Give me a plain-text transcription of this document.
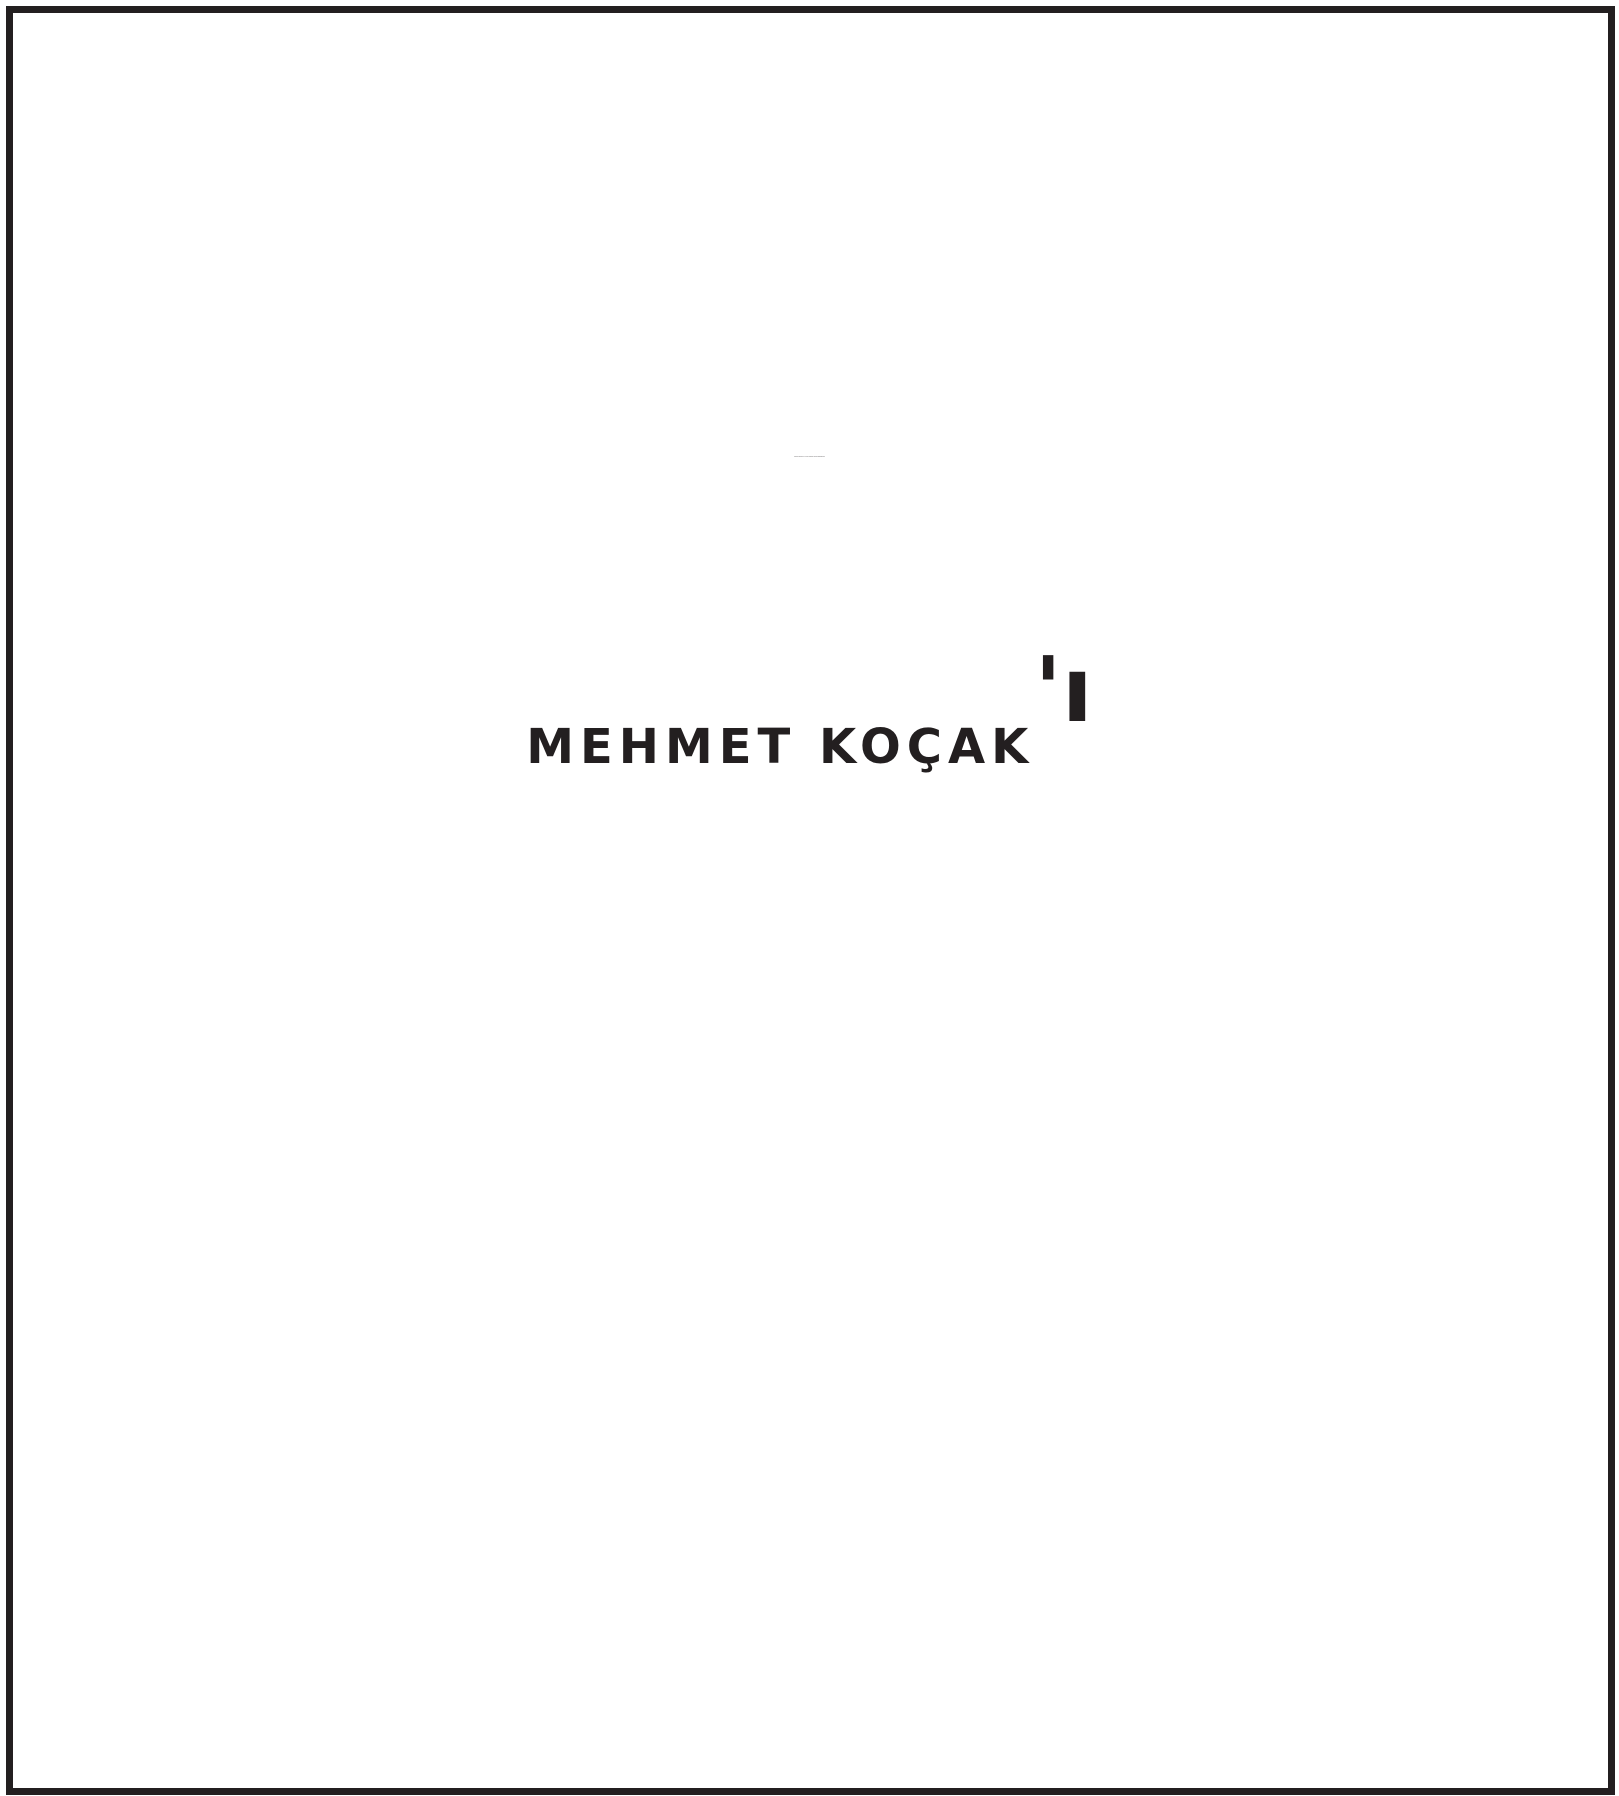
Halıser-Halıfleks A.Ş. Eski Yönetim Kurulu Başkanımız;
MEHMET KOÇAK'ı
